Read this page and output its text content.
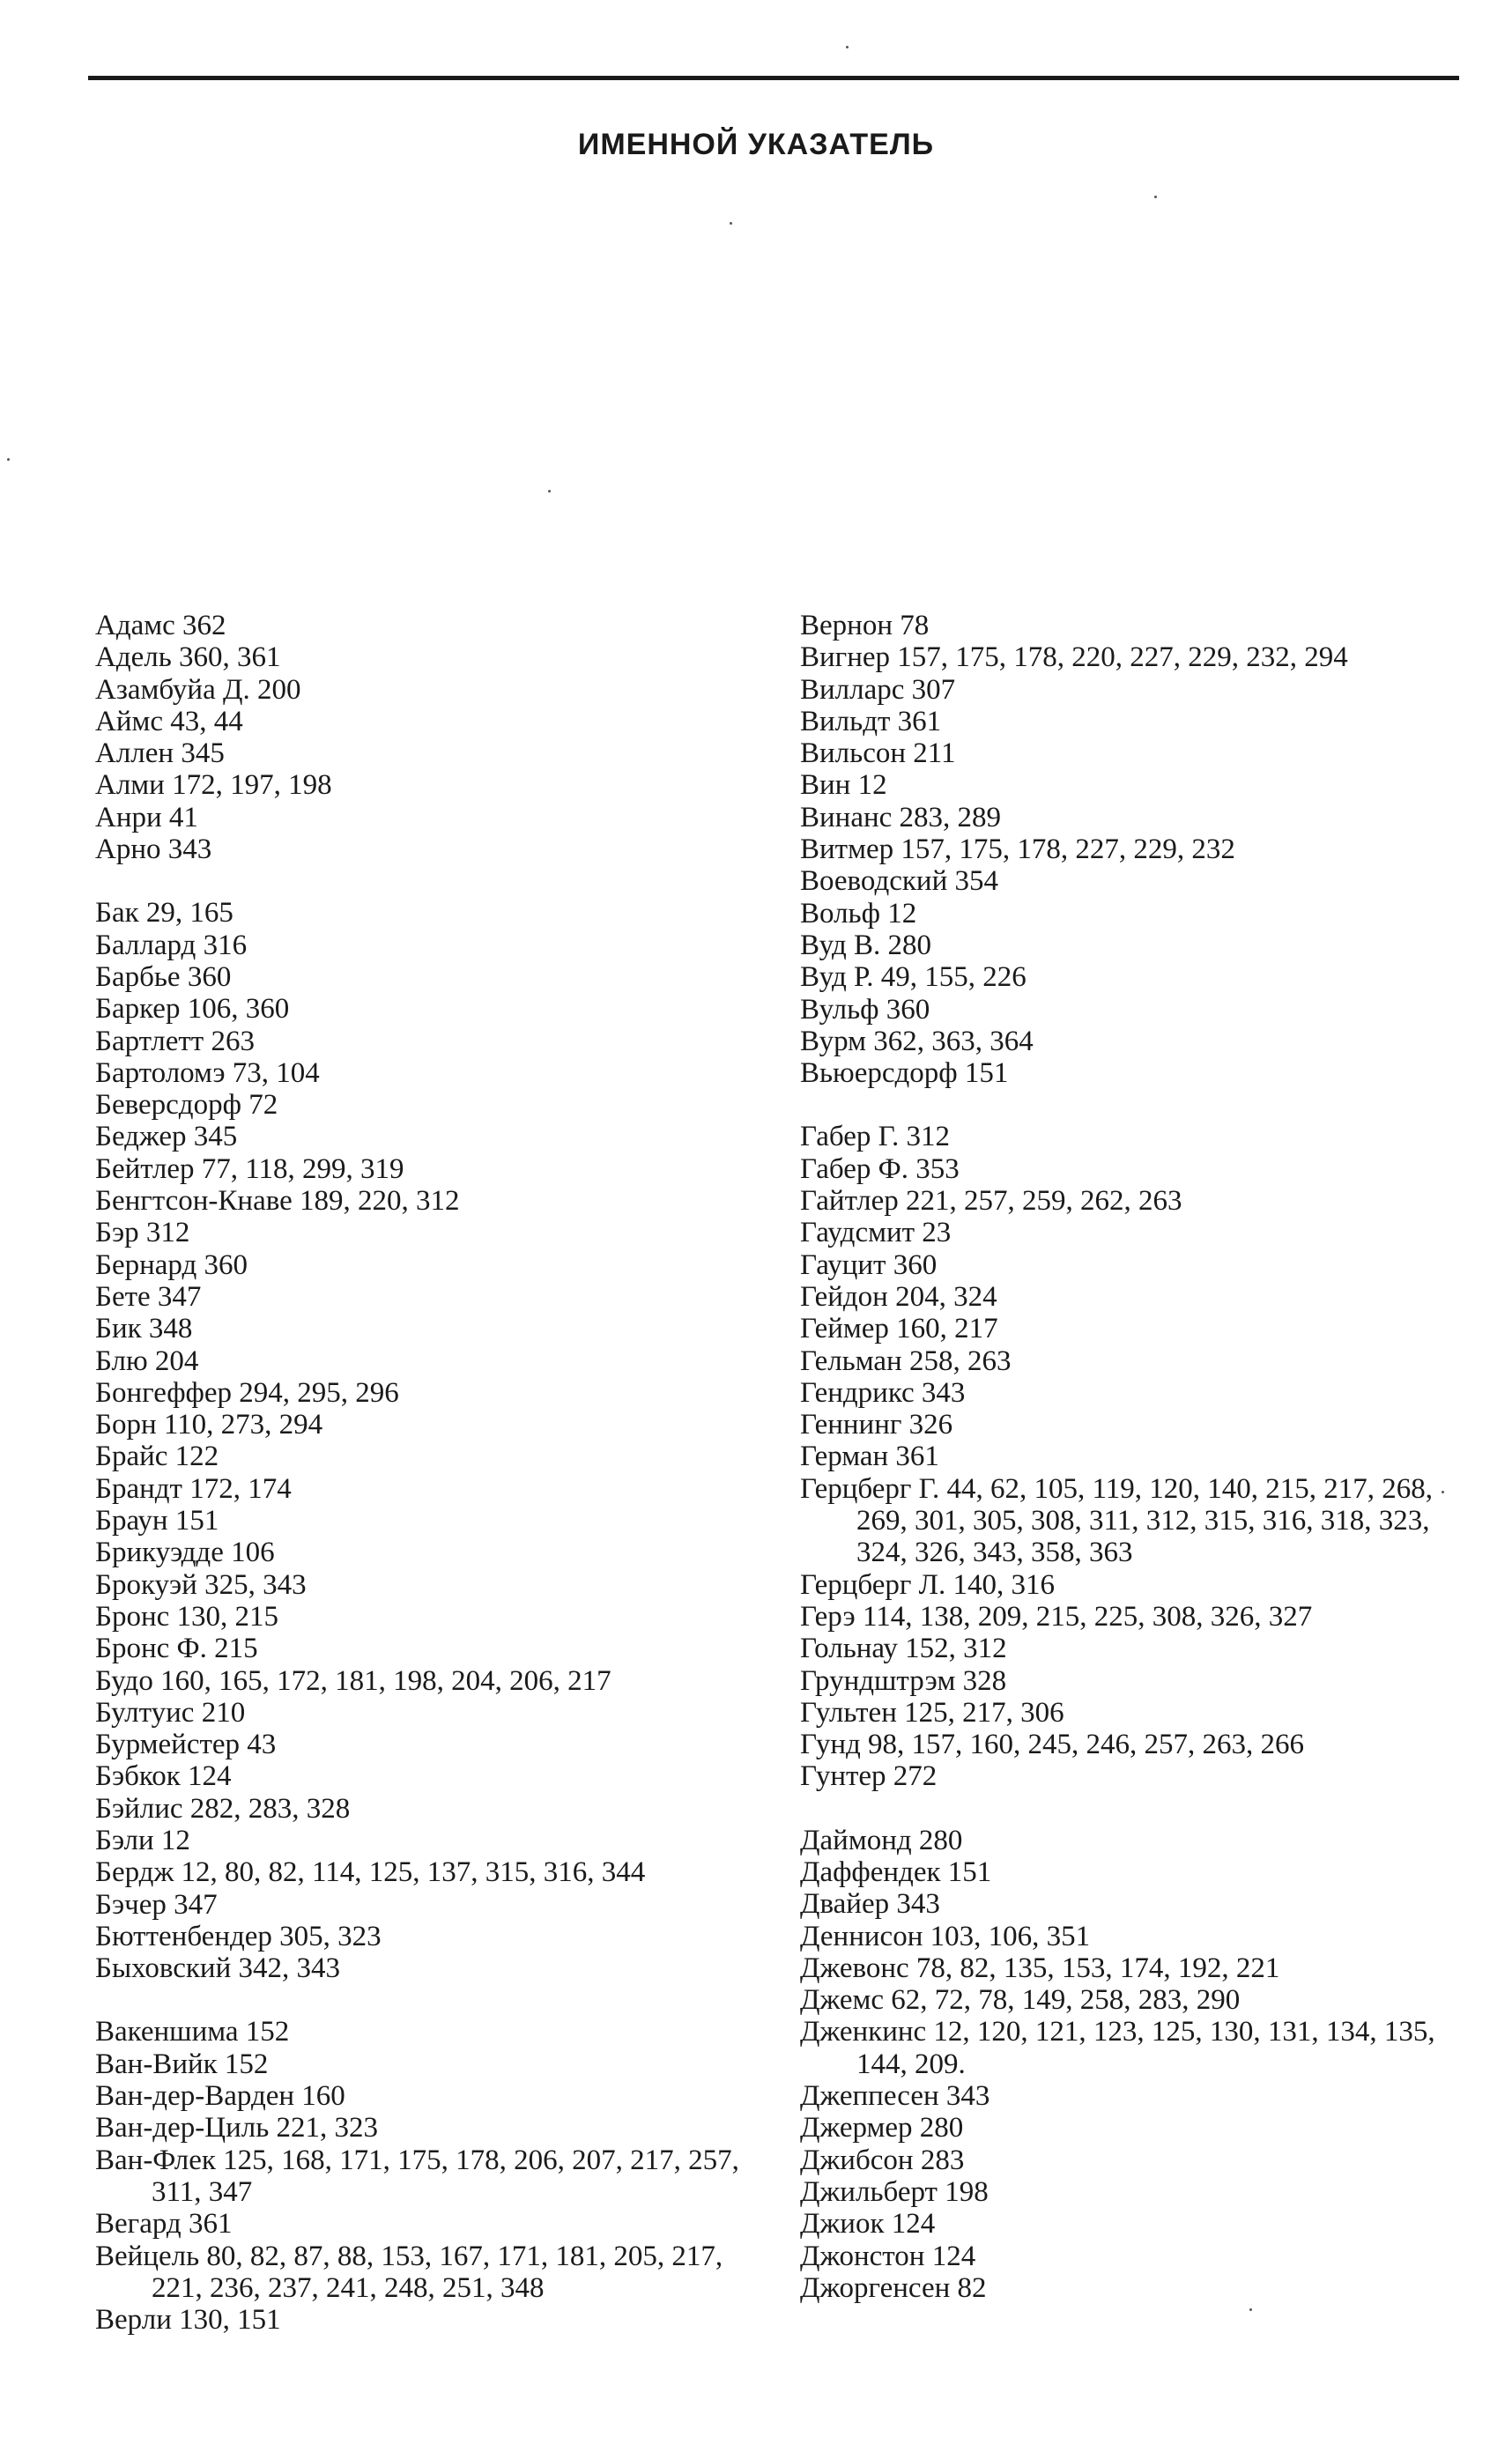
ИМЕННОЙ УКАЗАТЕЛЬ
Адамс 362
Адель 360, 361
Азамбуйа Д. 200
Аймс 43, 44
Аллен 345
Алми 172, 197, 198
Анри 41
Арно 343
Бак 29, 165
Баллард 316
Барбье 360
Баркер 106, 360
Бартлетт 263
Бартоломэ 73, 104
Беверсдорф 72
Беджер 345
Бейтлер 77, 118, 299, 319
Бенгтсон-Кнаве 189, 220, 312
Бэр 312
Бернард 360
Бете 347
Бик 348
Блю 204
Бонгеффер 294, 295, 296
Борн 110, 273, 294
Брайс 122
Брандт 172, 174
Браун 151
Брикуэдде 106
Брокуэй 325, 343
Бронс 130, 215
Бронс Ф. 215
Будо 160, 165, 172, 181, 198, 204, 206, 217
Бултуис 210
Бурмейстер 43
Бэбкок 124
Бэйлис 282, 283, 328
Бэли 12
Бердж 12, 80, 82, 114, 125, 137, 315, 316, 344
Бэчер 347
Бюттенбендер 305, 323
Быховский 342, 343
Вакеншима 152
Ван-Вийк 152
Ван-дер-Варден 160
Ван-дер-Циль 221, 323
Ван-Флек 125, 168, 171, 175, 178, 206, 207, 217, 257, 311, 347
Вегард 361
Вейцель 80, 82, 87, 88, 153, 167, 171, 181, 205, 217, 221, 236, 237, 241, 248, 251, 348
Верли 130, 151
Вернон 78
Вигнер 157, 175, 178, 220, 227, 229, 232, 294
Вилларс 307
Вильдт 361
Вильсон 211
Вин 12
Винанс 283, 289
Витмер 157, 175, 178, 227, 229, 232
Воеводский 354
Вольф 12
Вуд В. 280
Вуд Р. 49, 155, 226
Вульф 360
Вурм 362, 363, 364
Вьюерсдорф 151
Габер Г. 312
Габер Ф. 353
Гайтлер 221, 257, 259, 262, 263
Гаудсмит 23
Гауцит 360
Гейдон 204, 324
Геймер 160, 217
Гельман 258, 263
Гендрикс 343
Геннинг 326
Герман 361
Герцберг Г. 44, 62, 105, 119, 120, 140, 215, 217, 268, 269, 301, 305, 308, 311, 312, 315, 316, 318, 323, 324, 326, 343, 358, 363
Герцберг Л. 140, 316
Герэ 114, 138, 209, 215, 225, 308, 326, 327
Гольнау 152, 312
Грундштрэм 328
Гультен 125, 217, 306
Гунд 98, 157, 160, 245, 246, 257, 263, 266
Гунтер 272
Даймонд 280
Даффендек 151
Двайер 343
Деннисон 103, 106, 351
Джевонс 78, 82, 135, 153, 174, 192, 221
Джемс 62, 72, 78, 149, 258, 283, 290
Дженкинс 12, 120, 121, 123, 125, 130, 131, 134, 135, 144, 209.
Джеппесен 343
Джермер 280
Джибсон 283
Джильберт 198
Джиок 124
Джонстон 124
Джоргенсен 82
